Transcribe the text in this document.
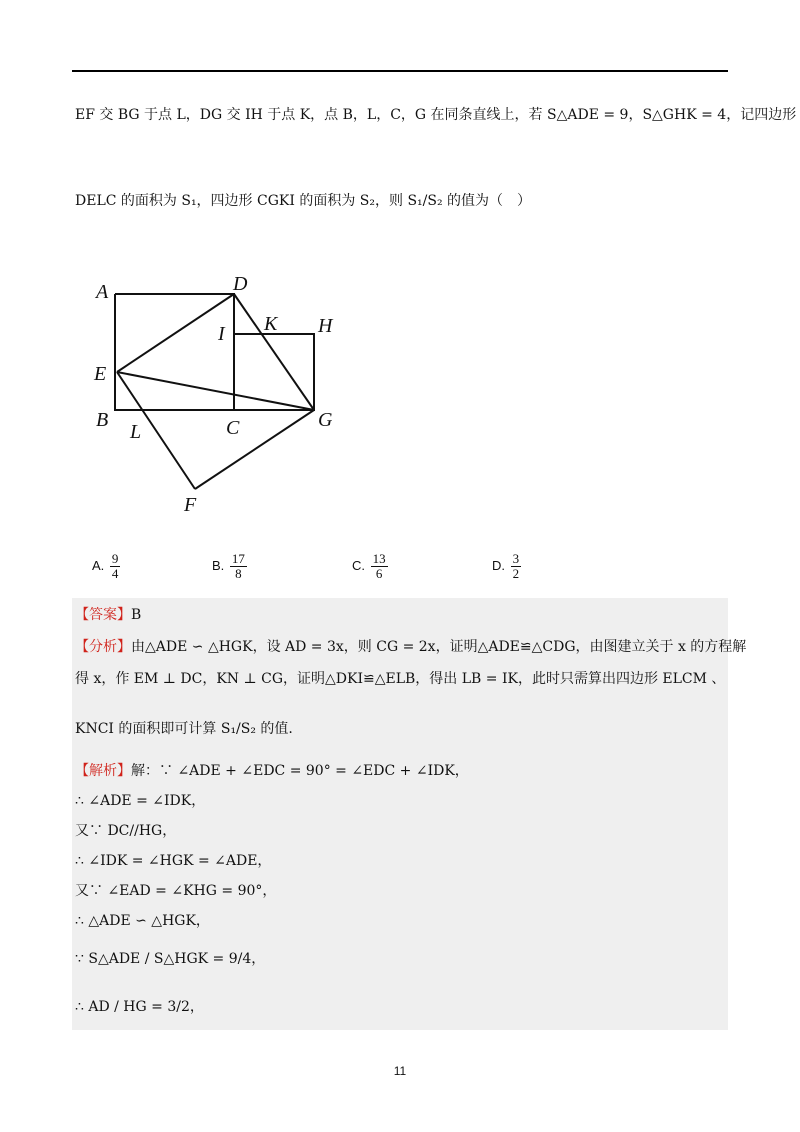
EF 交 BG 于点 L，DG 交 IH 于点 K，点 B，L，C，G 在同条直线上，若 S△ADE = 9，S△GHK = 4，记四边形
DELC 的面积为 S₁，四边形 CGKI 的面积为 S₂，则 S₁/S₂ 的值为（　）
A	D
I K H
E
B
L	C	G
F
A. $\frac{9}{4}$	B. $\frac{17}{8}$	C. $\frac{13}{6}$	D. $\frac{3}{2}$
【答案】B
【分析】由△ADE ∽ △HGK，设 AD = 3x，则 CG = 2x，证明△ADE≌△CDG，由图建立关于 x 的方程解
得 x，作 EM ⊥ DC，KN ⊥ CG，证明△DKI≌△ELB，得出 LB = IK，此时只需算出四边形 ELCM 、
KNCI 的面积即可计算 S₁/S₂ 的值.
【解析】解：∵ ∠ADE + ∠EDC = 90° = ∠EDC + ∠IDK，
∴ ∠ADE = ∠IDK，
又∵ DC//HG，
∴ ∠IDK = ∠HGK = ∠ADE，
又∵ ∠EAD = ∠KHG = 90°，
∴ △ADE ∽ △HGK，
∵ S△ADE / S△HGK = 9/4，
∴ AD / HG = 3/2，
11
